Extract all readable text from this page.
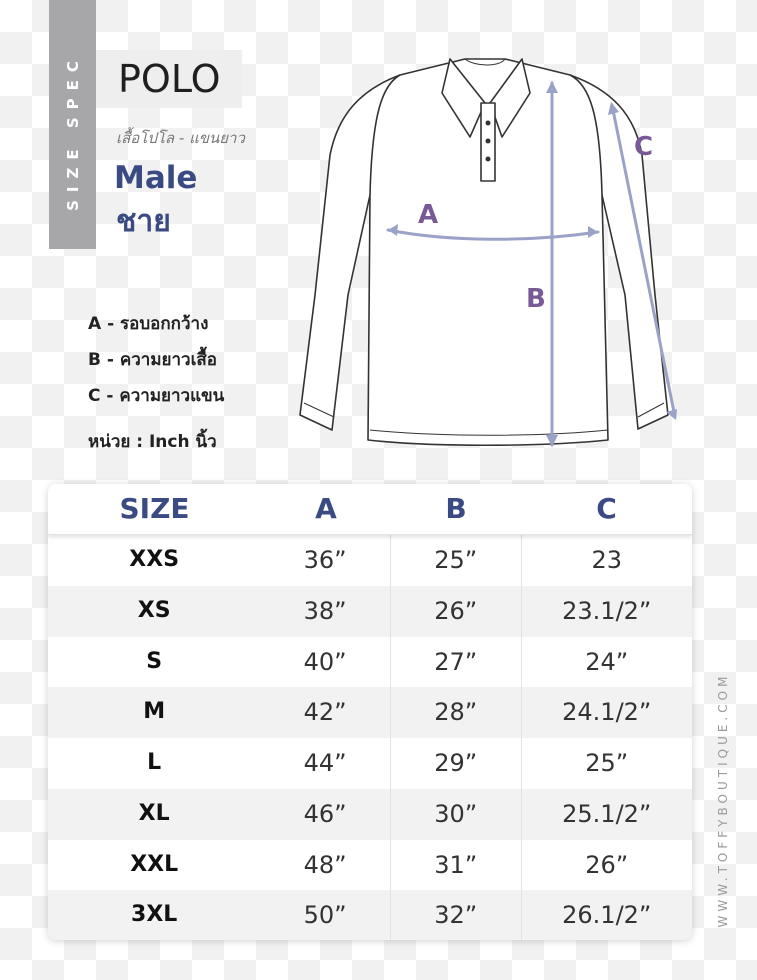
SIZE SPEC POLO
เสื้อโปโล - แขนยาว
Male
ชาย
A - รอบอกกว้าง
B - ความยาวเสื้อ
C - ความยาวแขน
หน่วย : Inch นิ้ว
A
B
C
WWW.TOFFYBOUTIQUE.COM
SIZE	A	B	C
XXS	36”	25”	23
XS	38”	26”	23.1/2”
S	40”	27”	24”
M	42”	28”	24.1/2”
L	44”	29”	25”
XL	46”	30”	25.1/2”
XXL	48”	31”	26”
3XL	50”	32”	26.1/2”
